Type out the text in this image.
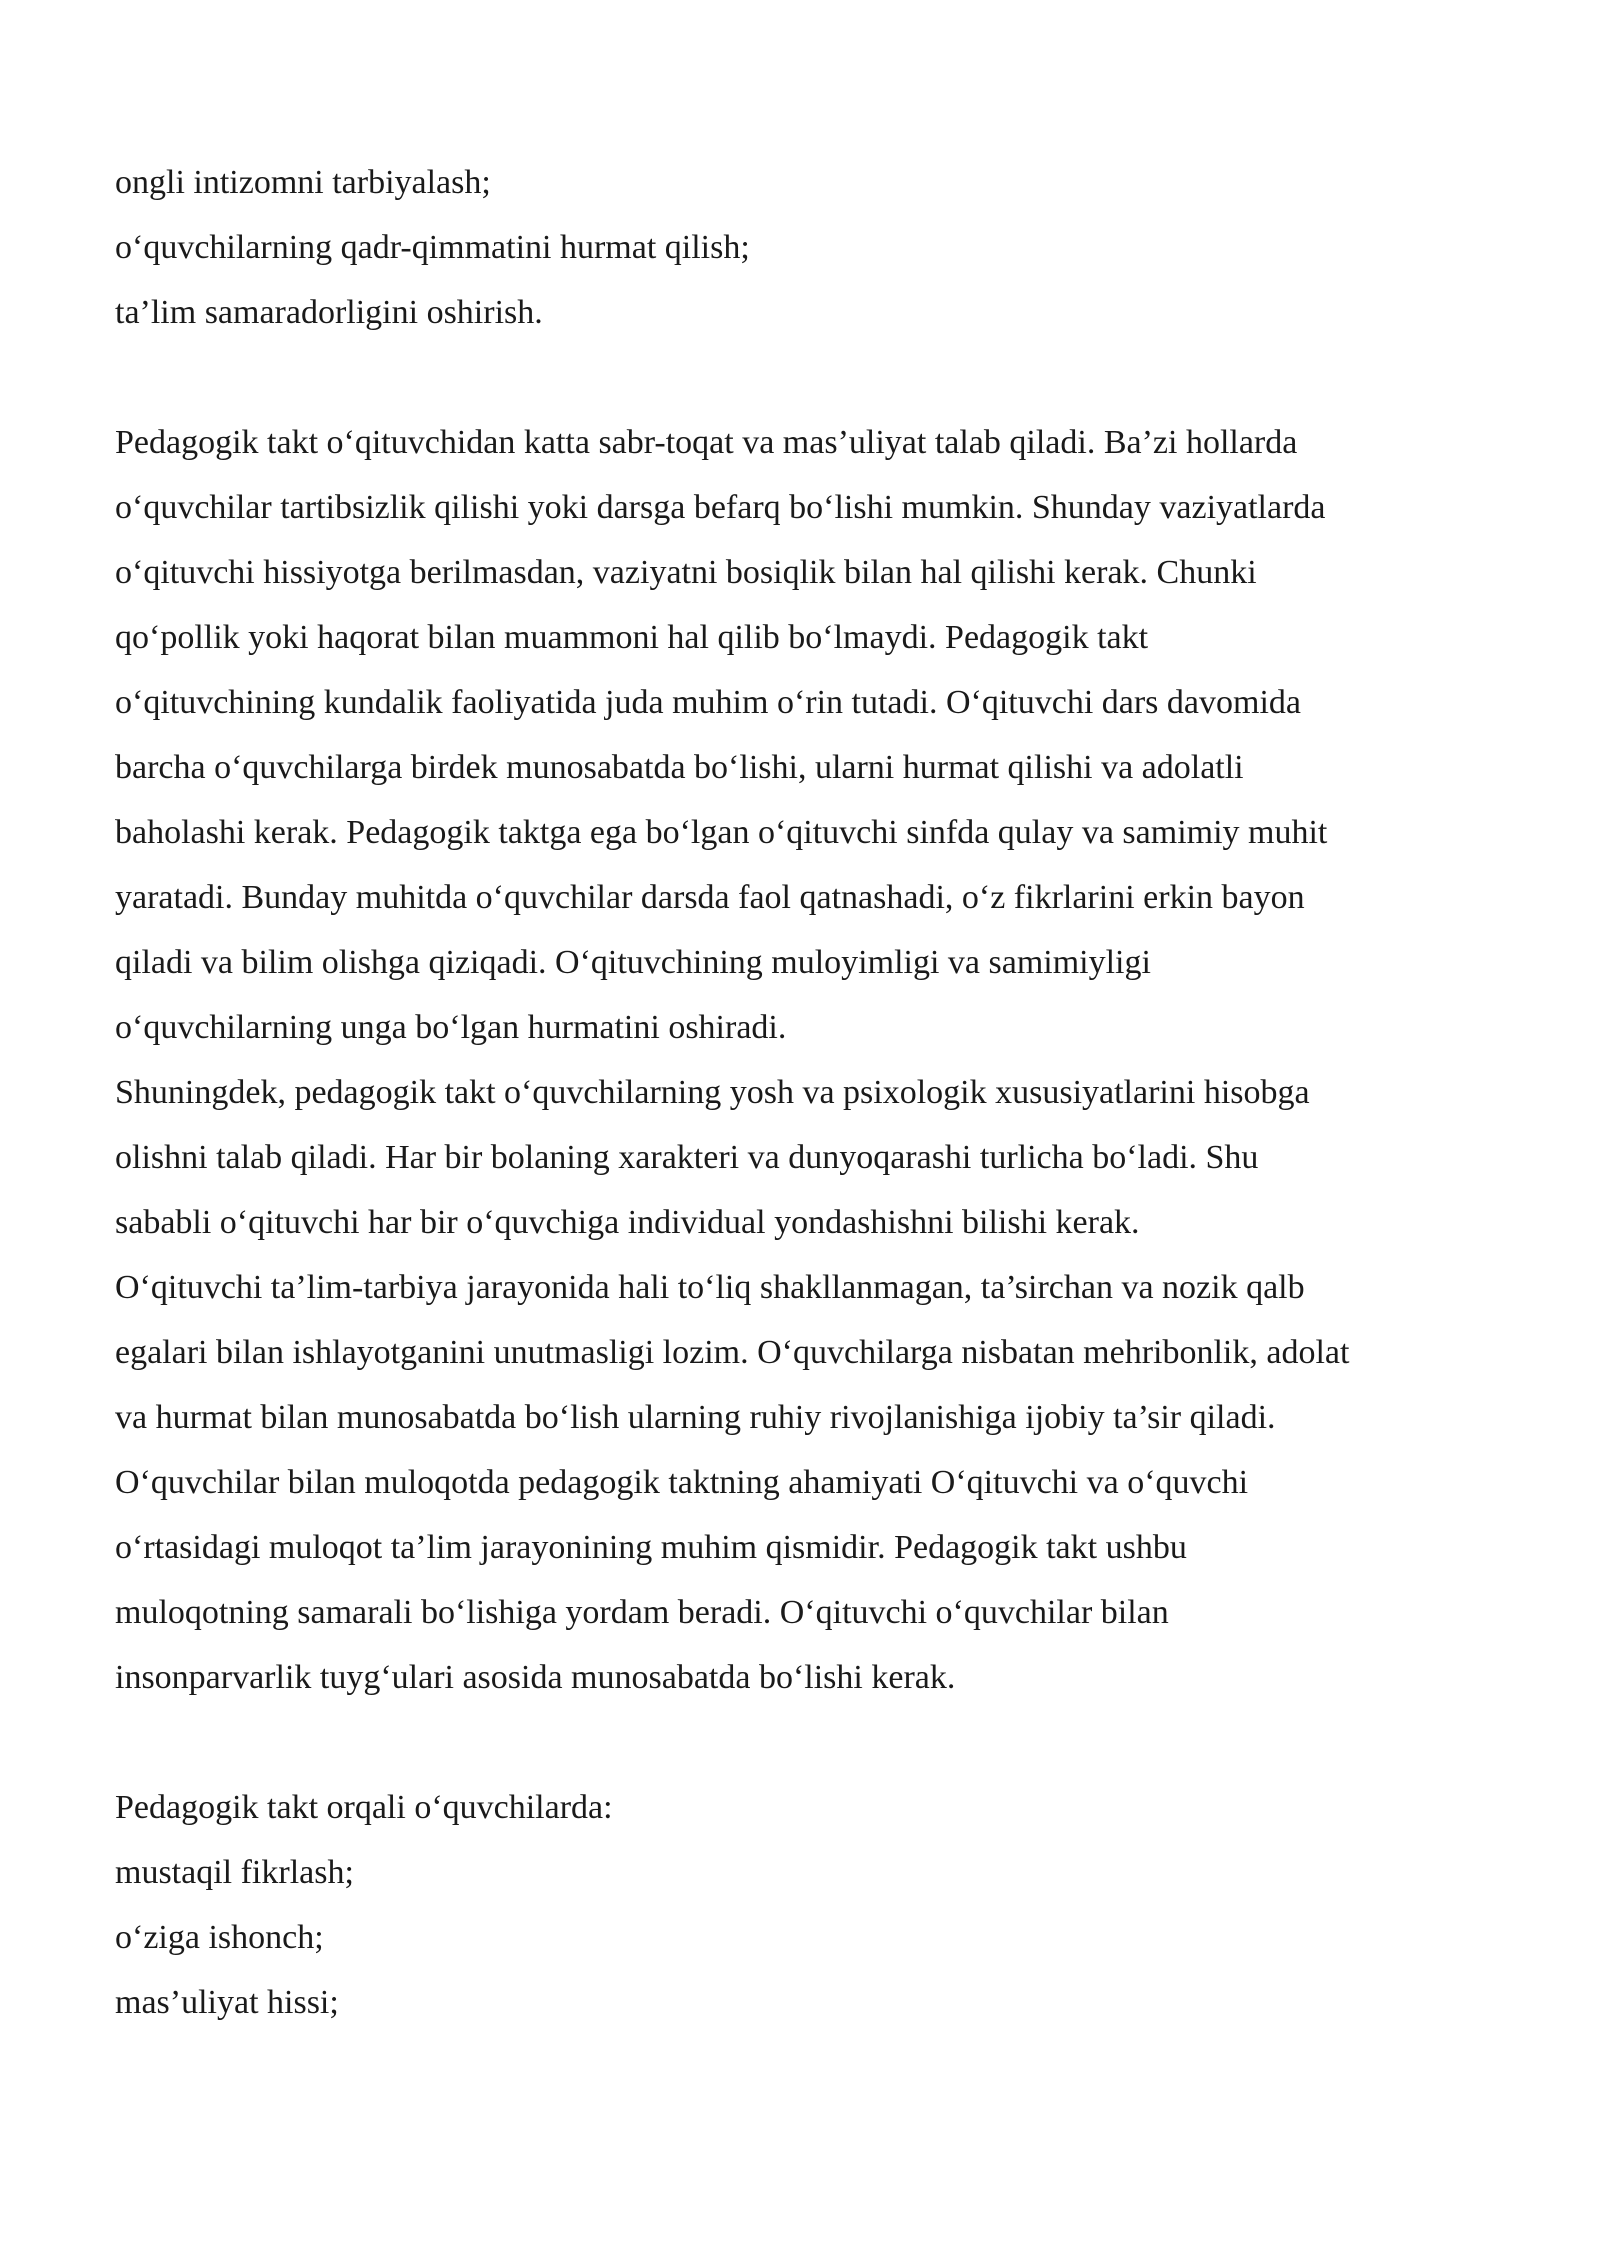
ongli intizomni tarbiyalash;
o‘quvchilarning qadr-qimmatini hurmat qilish;
ta’lim samaradorligini oshirish.
Pedagogik takt o‘qituvchidan katta sabr-toqat va mas’uliyat talab qiladi. Ba’zi hollarda
o‘quvchilar tartibsizlik qilishi yoki darsga befarq bo‘lishi mumkin. Shunday vaziyatlarda
o‘qituvchi hissiyotga berilmasdan, vaziyatni bosiqlik bilan hal qilishi kerak. Chunki
qo‘pollik yoki haqorat bilan muammoni hal qilib bo‘lmaydi. Pedagogik takt
o‘qituvchining kundalik faoliyatida juda muhim o‘rin tutadi. O‘qituvchi dars davomida
barcha o‘quvchilarga birdek munosabatda bo‘lishi, ularni hurmat qilishi va adolatli
baholashi kerak. Pedagogik taktga ega bo‘lgan o‘qituvchi sinfda qulay va samimiy muhit
yaratadi. Bunday muhitda o‘quvchilar darsda faol qatnashadi, o‘z fikrlarini erkin bayon
qiladi va bilim olishga qiziqadi. O‘qituvchining muloyimligi va samimiyligi
o‘quvchilarning unga bo‘lgan hurmatini oshiradi.
Shuningdek, pedagogik takt o‘quvchilarning yosh va psixologik xususiyatlarini hisobga
olishni talab qiladi. Har bir bolaning xarakteri va dunyoqarashi turlicha bo‘ladi. Shu
sababli o‘qituvchi har bir o‘quvchiga individual yondashishni bilishi kerak.
O‘qituvchi ta’lim-tarbiya jarayonida hali to‘liq shakllanmagan, ta’sirchan va nozik qalb
egalari bilan ishlayotganini unutmasligi lozim. O‘quvchilarga nisbatan mehribonlik, adolat
va hurmat bilan munosabatda bo‘lish ularning ruhiy rivojlanishiga ijobiy ta’sir qiladi.
O‘quvchilar bilan muloqotda pedagogik taktning ahamiyati O‘qituvchi va o‘quvchi
o‘rtasidagi muloqot ta’lim jarayonining muhim qismidir. Pedagogik takt ushbu
muloqotning samarali bo‘lishiga yordam beradi. O‘qituvchi o‘quvchilar bilan
insonparvarlik tuyg‘ulari asosida munosabatda bo‘lishi kerak.
Pedagogik takt orqali o‘quvchilarda:
mustaqil fikrlash;
o‘ziga ishonch;
mas’uliyat hissi;
